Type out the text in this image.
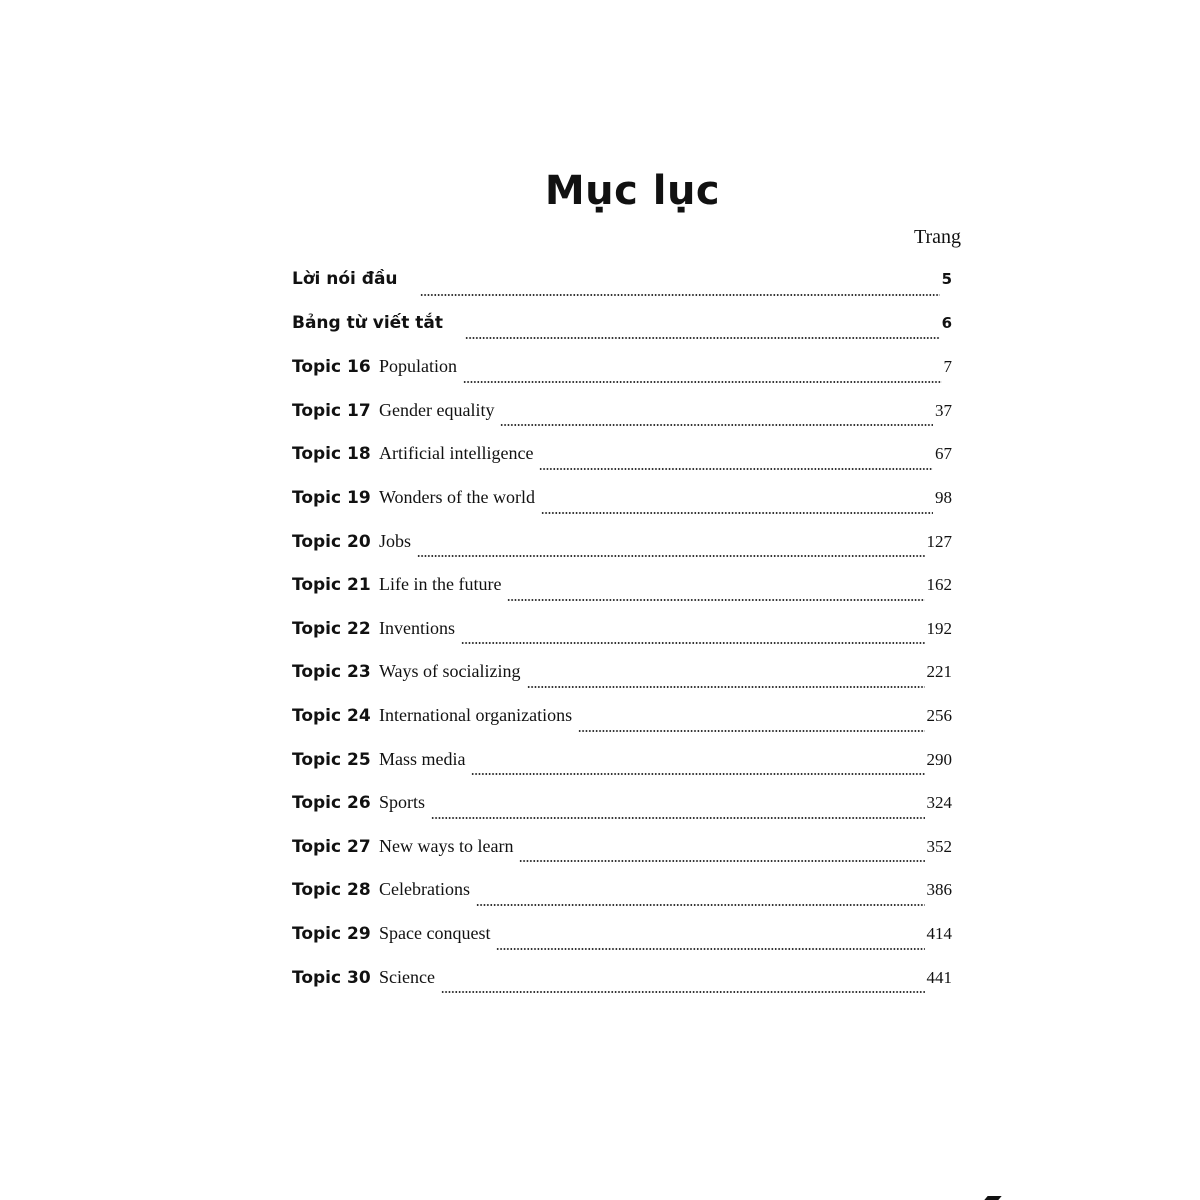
Mục lục
Trang
Lời nói đầu	5
Bảng từ viết tắt	6
Topic 16 Population	7
Topic 17 Gender equality	37
Topic 18 Artificial intelligence	67
Topic 19 Wonders of the world	98
Topic 20 Jobs	127
Topic 21 Life in the future	162
Topic 22 Inventions	192
Topic 23 Ways of socializing	221
Topic 24 International organizations	256
Topic 25 Mass media	290
Topic 26 Sports	324
Topic 27 New ways to learn	352
Topic 28 Celebrations	386
Topic 29 Space conquest	414
Topic 30 Science	441
